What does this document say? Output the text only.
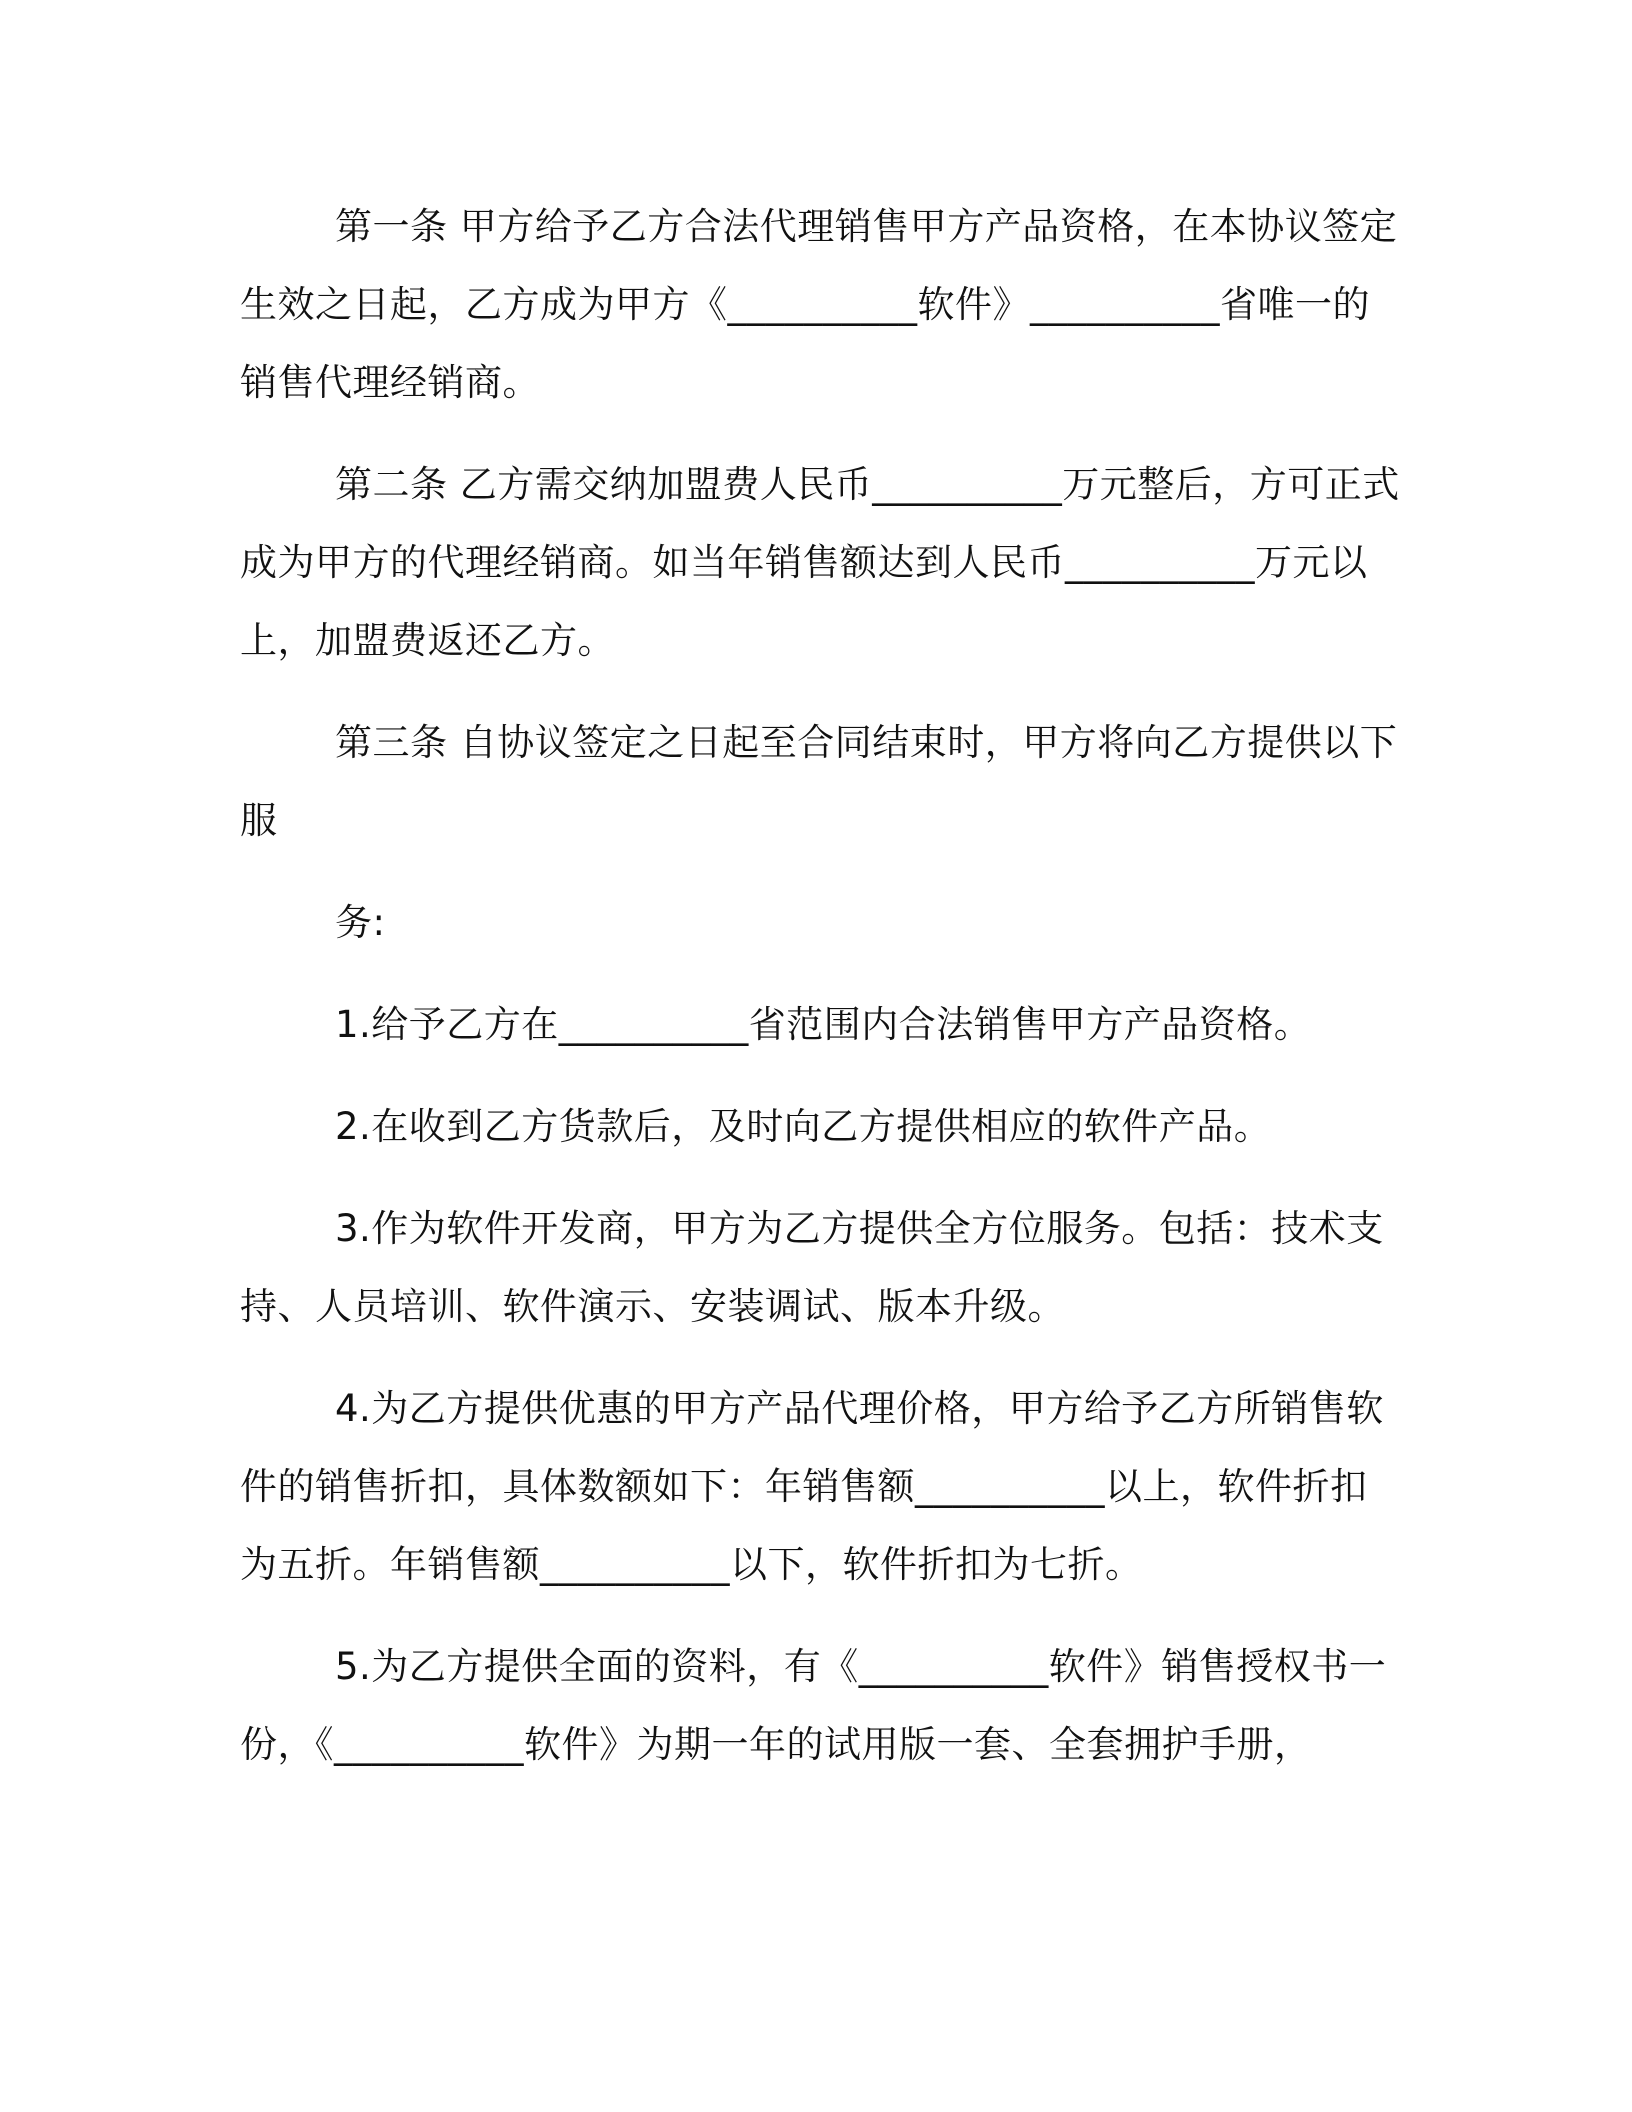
第一条 甲方给予乙方合法代理销售甲方产品资格，在本协议签定
生效之日起，乙方成为甲方《__________软件》__________省唯一的
销售代理经销商。
第二条 乙方需交纳加盟费人民币__________万元整后，方可正式
成为甲方的代理经销商。如当年销售额达到人民币__________万元以
上，加盟费返还乙方。
第三条 自协议签定之日起至合同结束时，甲方将向乙方提供以下
服
务:
1.给予乙方在__________省范围内合法销售甲方产品资格。
2.在收到乙方货款后，及时向乙方提供相应的软件产品。
3.作为软件开发商，甲方为乙方提供全方位服务。包括：技术支
持、人员培训、软件演示、安装调试、版本升级。
4.为乙方提供优惠的甲方产品代理价格，甲方给予乙方所销售软
件的销售折扣，具体数额如下：年销售额__________以上，软件折扣
为五折。年销售额__________以下，软件折扣为七折。
5.为乙方提供全面的资料，有《__________软件》销售授权书一
份，《__________软件》为期一年的试用版一套、全套拥护手册，
